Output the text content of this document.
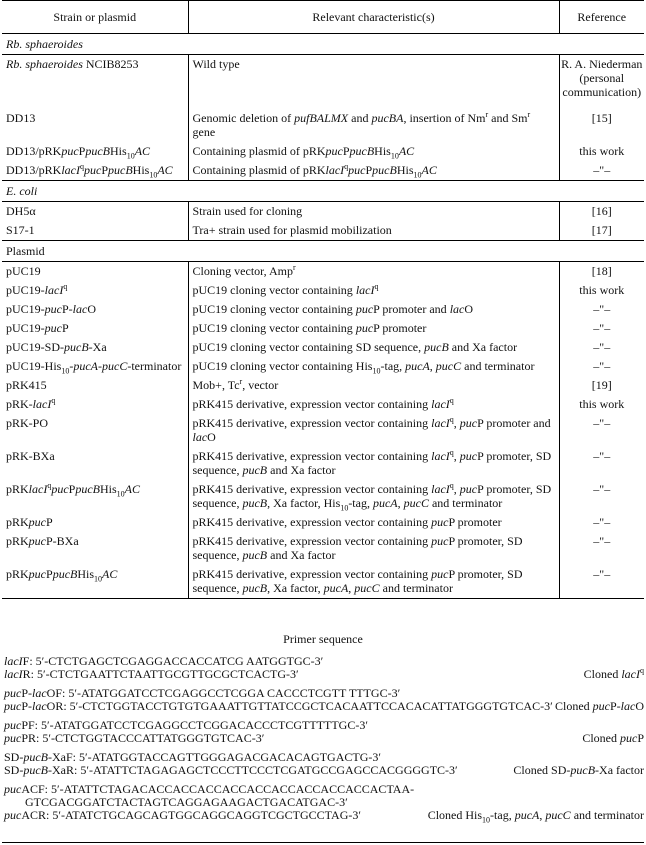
Strain or plasmid	Relevant characteristic(s)	Reference
Rb. sphaeroides		
Rb. sphaeroides NCIB8253	Wild type	R. A. Niederman (personal communication)
DD13	Genomic deletion of pufBALMX and pucBA, insertion of Nm$^r$ and Sm$^r$ gene	[15]
DD13/pRKpucPpucBHis$_{10}$AC	Containing plasmid of pRKpucPpucBHis$_{10}$AC	this work
DD13/pRKlacI$^q$pucPpucBHis$_{10}$AC	Containing plasmid of pRKlacI$^q$pucPpucBHis$_{10}$AC	–"–
E. coli		
DH5α	Strain used for cloning	[16]
S17-1	Tra+ strain used for plasmid mobilization	[17]
Plasmid		
pUC19	Cloning vector, Amp$^r$	[18]
pUC19-lacI$^q$	pUC19 cloning vector containing lacI$^q$	this work
pUC19-pucP-lacO	pUC19 cloning vector containing pucP promoter and lacO	–"–
pUC19-pucP	pUC19 cloning vector containing pucP promoter	–"–
pUC19-SD-pucB-Xa	pUC19 cloning vector containing SD sequence, pucB and Xa factor	–"–
pUC19-His$_{10}$-pucA-pucC-terminator	pUC19 cloning vector containing His$_{10}$-tag, pucA, pucC and terminator	–"–
pRK415	Mob+, Tc$^r$, vector	[19]
pRK-lacI$^q$	pRK415 derivative, expression vector containing lacI$^q$	this work
pRK-PO	pRK415 derivative, expression vector containing lacI$^q$, pucP promoter and lacO	–"–
pRK-BXa	pRK415 derivative, expression vector containing lacI$^q$, pucP promoter, SD sequence, pucB and Xa factor	–"–
pRKlacI$^q$pucPpucBHis$_{10}$AC	pRK415 derivative, expression vector containing lacI$^q$, pucP promoter, SD sequence, pucB, Xa factor, His$_{10}$-tag, pucA, pucC and terminator	–"–
pRKpucP	pRK415 derivative, expression vector containing pucP promoter	–"–
pRKpucP-BXa	pRK415 derivative, expression vector containing pucP promoter, SD sequence, pucB and Xa factor	–"–
pRKpucPpucBHis$_{10}$AC	pRK415 derivative, expression vector containing pucP promoter, SD sequence, pucB, Xa factor, pucA, pucC and terminator	–"–
Primer sequence
lacIF: 5′-CTCTGAGCTCGAGGACCACCATCG AATGGTGC-3′
lacIR: 5′-CTCTGAATTCTAATTGCGTTGCGCTCACTG-3′	Cloned lacI$^q$
pucP-lacOF: 5′-ATATGGATCCTCGAGGCCTCGGA CACCCTCGTT TTTGC-3′
pucP-lacOR: 5′-CTCTGGTACCTGTGTGAAATTGTTATCCGCTCACAATTCCACACATTATGGGTGTCAC-3′ Cloned pucP-lacO
pucPF: 5′-ATATGGATCCTCGAGGCCTCGGACACCCTCGTTTTTGC-3′
pucPR: 5′-CTCTGGTACCCATTATGGGTGTCAC-3′	Cloned pucP
SD-pucB-XaF: 5′-ATATGGTACCAGTTGGGAGACGACACAGTGACTG-3′
SD-pucB-XaR: 5′-ATATTCTAGAGAGCTCCCTTCCCTCGATGCCGAGCCACGGGGTC-3′	Cloned SD-pucB-Xa factor
pucACF: 5′-ATATTCTAGACACCACCACCACCACCACCACCACCACCACTAA-
GTCGACGGATCTACTAGTCAGGAGAAGACTGACATGAC-3′
pucACR: 5′-ATATCTGCAGCAGTGGCAGGCAGGTCGCTGCCTAG-3′	Cloned His$_{10}$-tag, pucA, pucC and terminator
